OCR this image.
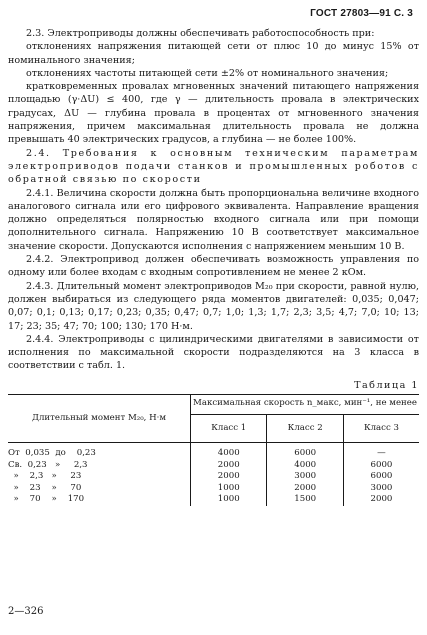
ГОСТ 27803—91 С. 3

2.3. Электроприводы должны обеспечивать работоспособность при:

отклонениях напряжения питающей сети от плюс 10 до минус 15% от номинального значения;

отклонениях частоты питающей сети ±2% от номинального значения;

кратковременных провалах мгновенных значений питающего напряжения площадью (γ·ΔU) ≤ 400, где γ — длительность провала в электрических градусах, ΔU — глубина провала в процентах от мгновенного значения напряжения, причем максимальная длительность провала не должна превышать 40 электрических градусов, а глубина — не более 100%.

2.4. Требования к основным техническим параметрам электроприводов подачи станков и промышленных роботов с обратной связью по скорости

2.4.1. Величина скорости должна быть пропорциональна величине входного аналогового сигнала или его цифрового эквивалента. Направление вращения должно определяться полярностью входного сигнала или при помощи дополнительного сигнала. Напряжению 10 В соответствует максимальное значение скорости. Допускаются исполнения с напряжением меньшим 10 В.

2.4.2. Электропривод должен обеспечивать возможность управления по одному или более входам с входным сопротивлением не менее 2 кОм.

2.4.3. Длительный момент электроприводов M₂₀ при скорости, равной нулю, должен выбираться из следующего ряда моментов двигателей: 0,035; 0,047; 0,07; 0,1; 0,13; 0,17; 0,23; 0,35; 0,47; 0,7; 1,0; 1,3; 1,7; 2,3; 3,5; 4,7; 7,0; 10; 13; 17; 23; 35; 47; 70; 100; 130; 170 Н·м.

2.4.4. Электроприводы с цилиндрическими двигателями в зависимости от исполнения по максимальной скорости подразделяются на 3 класса в соответствии с табл. 1.

Таблица 1
Длительный момент M₂₀, Н·м	Максимальная скорость n_макс, мин⁻¹, не менее		
	Класс 1	Класс 2	Класс 3
От  0,035  до    0,23	4000	6000	—
Св.  0,23   »     2,3	2000	4000	6000
»    2,3   »     23	2000	3000	6000
»    23    »     70	1000	2000	3000
»    70    »    170	1000	1500	2000
2—326
